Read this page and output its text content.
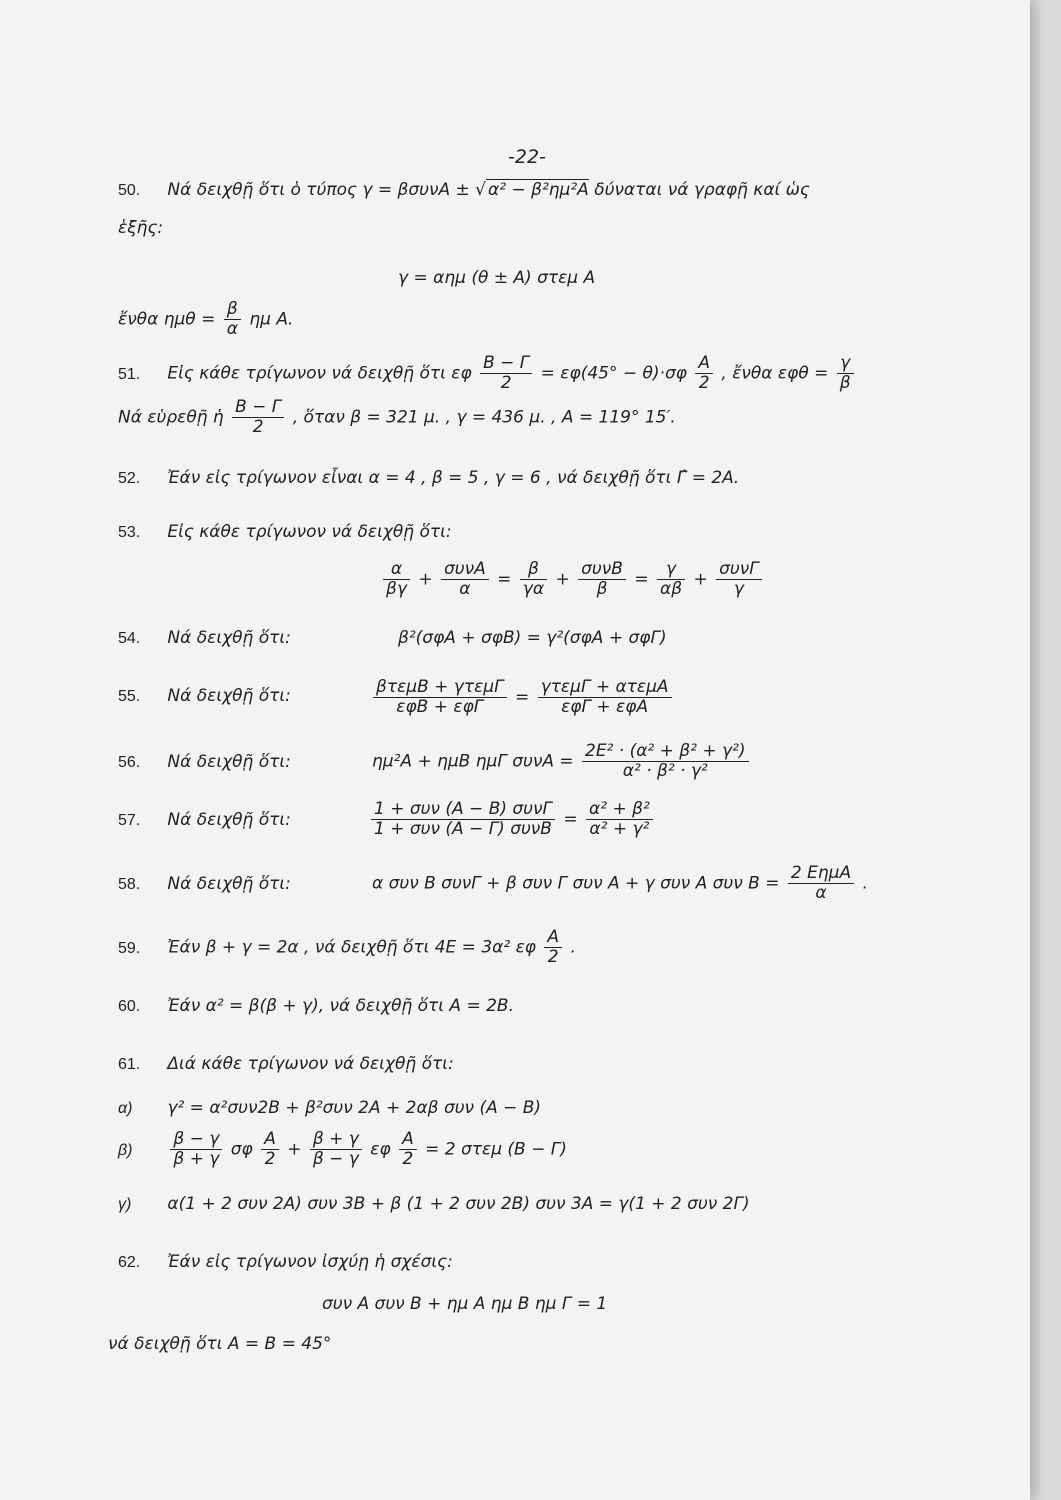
-22-
50. Νά δειχθῇ ὅτι ὁ τύπος γ = βσυνΑ ± √ α² − β²ημ²Α δύναται νά γραφῇ καί ὡς
ἑξῆς:
γ = αημ (θ ± Α) στεμ Α
ἔνθα $\eta\mu\theta = \frac{\beta}{\alpha}$ ημ Α.
51. Εἰς κάθε τρίγωνον νά δειχθῇ ὅτι εφ $\frac{B - \Gamma}{2} = \varepsilon\varphi(45^\circ - \theta)\cdot\sigma\varphi \frac{A}{2}$ , ἔνθα $\varepsilon\varphi\theta = \frac{\gamma}{\beta}$
Νά εὑρεθῇ ἡ $\frac{B - \Gamma}{2}$ , ὅταν β = 321 μ. , γ = 436 μ. , Α = 119° 15′.
52. Ἐάν εἰς τρίγωνον εἶναι α = 4 , β = 5 , γ = 6 , νά δειχθῇ ὅτι Γ̂ = 2Α.
53. Εἰς κάθε τρίγωνον νά δειχθῇ ὅτι:
$\frac{\alpha}{\beta\gamma} + \frac{\text{συνΑ}}{\alpha} = \frac{\beta}{\gamma\alpha} + \frac{\text{συνΒ}}{\beta} = \frac{\gamma}{\alpha\beta} + \frac{\text{συνΓ}}{\gamma}$
54. Νά δειχθῇ ὅτι:	β²(σφΑ + σφΒ) = γ²(σφΑ + σφΓ)
55. Νά δειχθῇ ὅτι:	$\frac{\text{βτεμΒ + γτεμΓ}}{\text{εφΒ + εφΓ}} = \frac{\text{γτεμΓ + ατεμΑ}}{\text{εφΓ + εφΑ}}$
56. Νά δειχθῇ ὅτι:	ημ²Α + ημΒ ημΓ $\sigma\upsilon\nu A = \frac{\text{2Ε² · (α² + β² + γ²)}}{\text{α² · β² · γ²}}$
57. Νά δειχθῇ ὅτι:	$\frac{\text{1 + συν (Α − Β) συνΓ}}{\text{1 + συν (Α − Γ) συνΒ}} = \frac{\text{α² + β²}}{\text{α² + γ²}}$
58. Νά δειχθῇ ὅτι:	α συν Β συνΓ + β συν Γ συν Α + γ συν Α συν $B = \frac{\text{2 ΕημΑ}}{\alpha}$ .
59. Ἐάν β + γ = 2α , νά δειχθῇ ὅτι 4Ε = 3α² εφ $\frac{A}{2}$ .
60. Ἐάν α² = β(β + γ), νά δειχθῇ ὅτι Α = 2Β.
61. Διά κάθε τρίγωνον νά δειχθῇ ὅτι:
α) γ² = α²συν2Β + β²συν 2Α + 2αβ συν (Α − Β)
$\beta) \frac{\beta - \gamma}{\beta + \gamma}$ σφ $\frac{A}{2} + \frac{\beta + \gamma}{\beta - \gamma}$ εφ $\frac{A}{2} = 2$ στεμ (Β − Γ)
γ) α(1 + 2 συν 2Α) συν 3Β + β (1 + 2 συν 2Β) συν 3Α = γ(1 + 2 συν 2Γ)
62. Ἐάν εἰς τρίγωνον ἰσχύῃ ἡ σχέσις:
συν Α συν Β + ημ Α ημ Β ημ Γ = 1
νά δειχθῇ ὅτι Α = Β = 45°
